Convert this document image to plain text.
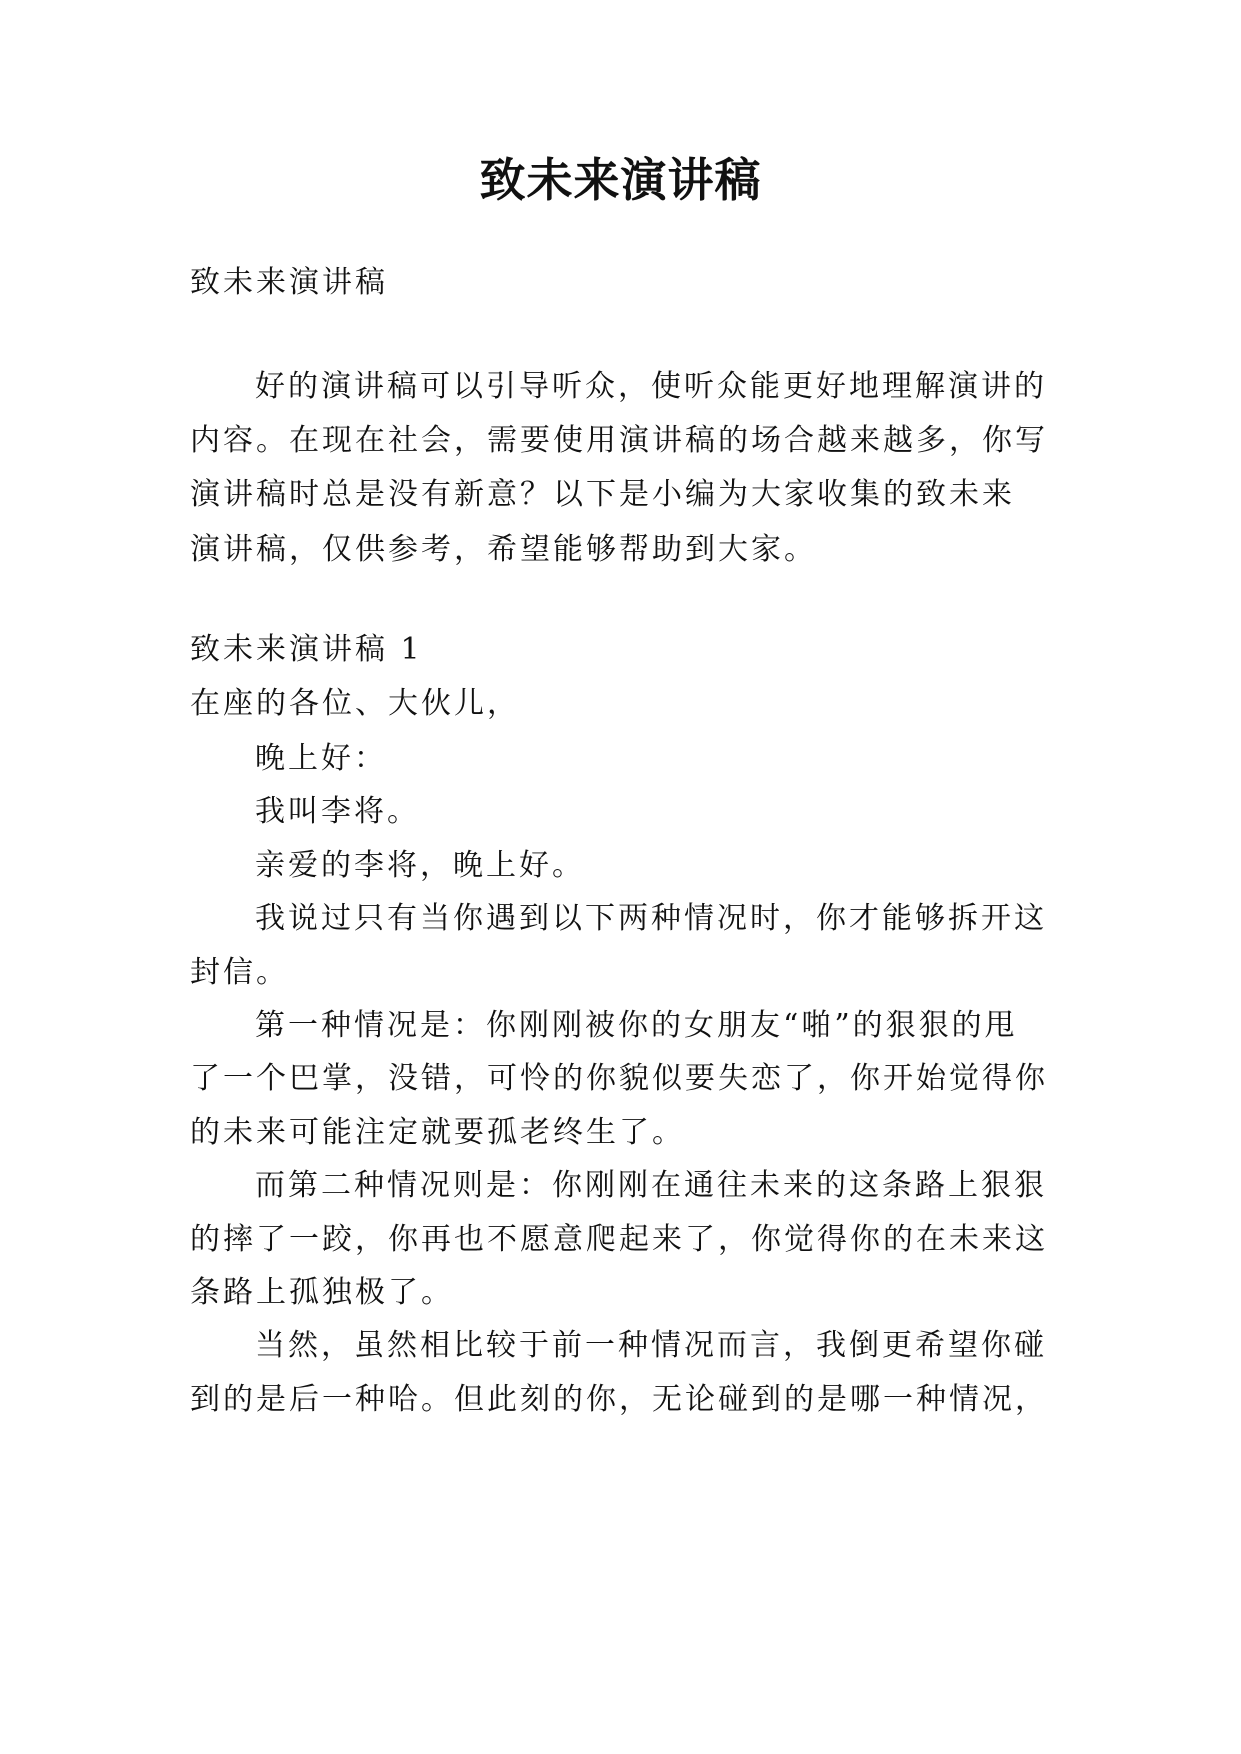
致未来演讲稿
致未来演讲稿
好的演讲稿可以引导听众，使听众能更好地理解演讲的
内容。在现在社会，需要使用演讲稿的场合越来越多，你写
演讲稿时总是没有新意？以下是小编为大家收集的致未来
演讲稿，仅供参考，希望能够帮助到大家。
致未来演讲稿 1
在座的各位、大伙儿，
晚上好：
我叫李将。
亲爱的李将，晚上好。
我说过只有当你遇到以下两种情况时，你才能够拆开这
封信。
第一种情况是：你刚刚被你的女朋友“啪”的狠狠的甩
了一个巴掌，没错，可怜的你貌似要失恋了，你开始觉得你
的未来可能注定就要孤老终生了。
而第二种情况则是：你刚刚在通往未来的这条路上狠狠
的摔了一跤，你再也不愿意爬起来了，你觉得你的在未来这
条路上孤独极了。
当然，虽然相比较于前一种情况而言，我倒更希望你碰
到的是后一种哈。但此刻的你，无论碰到的是哪一种情况，
